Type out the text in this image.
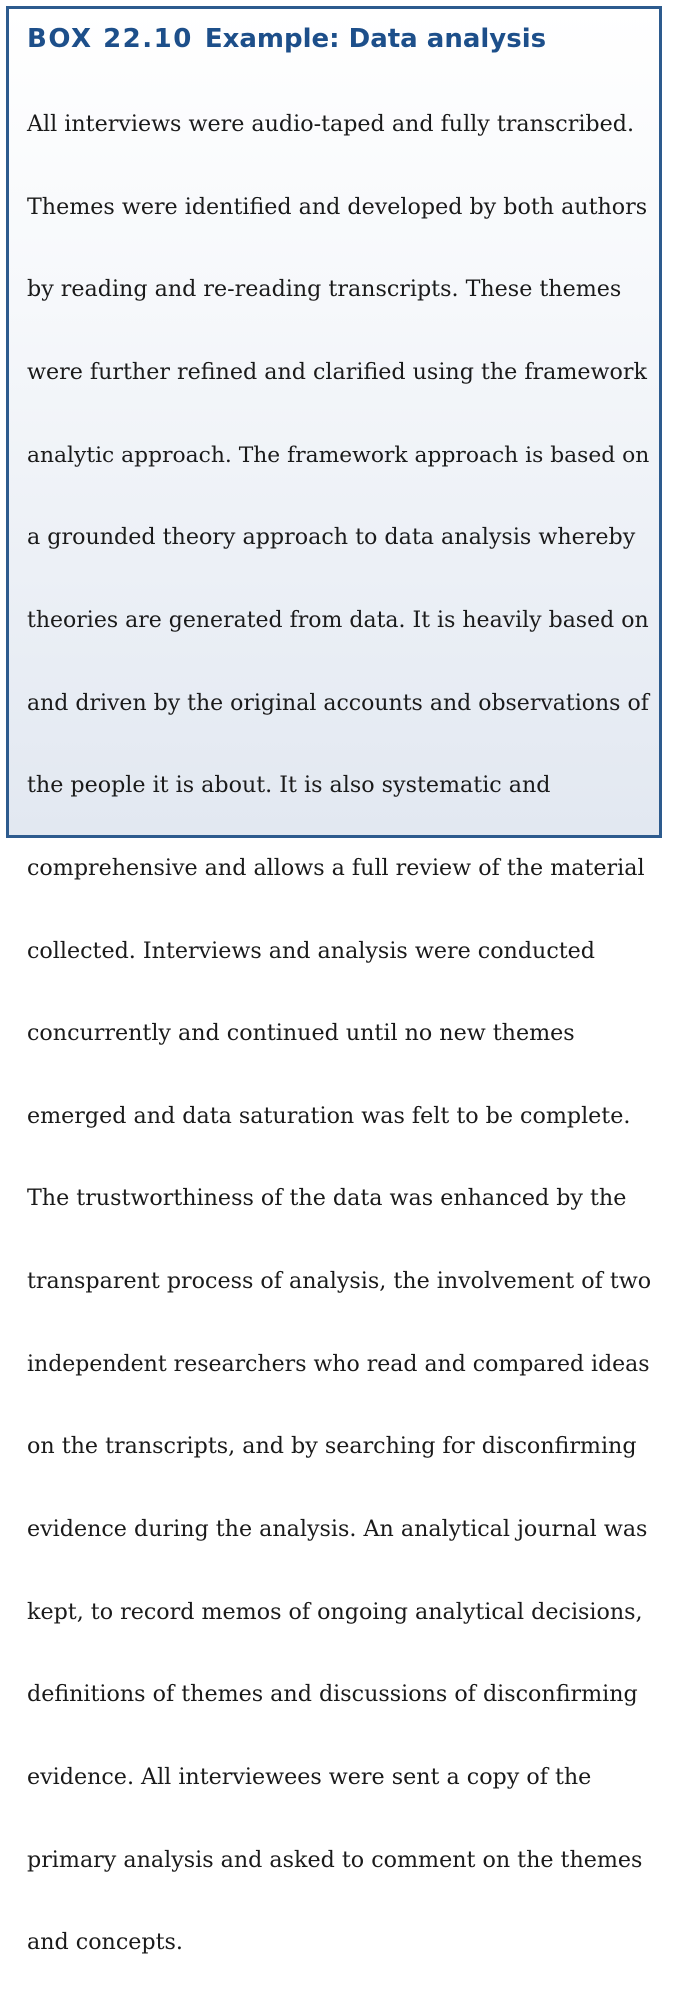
BOX 22.10 Example: Data analysis

All interviews were audio-taped and fully transcribed.

Themes were identified and developed by both authors

by reading and re-reading transcripts. These themes

were further refined and clarified using the framework

analytic approach. The framework approach is based on

a grounded theory approach to data analysis whereby

theories are generated from data. It is heavily based on

and driven by the original accounts and observations of

the people it is about. It is also systematic and

comprehensive and allows a full review of the material

collected. Interviews and analysis were conducted

concurrently and continued until no new themes

emerged and data saturation was felt to be complete.

The trustworthiness of the data was enhanced by the

transparent process of analysis, the involvement of two

independent researchers who read and compared ideas

on the transcripts, and by searching for disconfirming

evidence during the analysis. An analytical journal was

kept, to record memos of ongoing analytical decisions,

definitions of themes and discussions of disconfirming

evidence. All interviewees were sent a copy of the

primary analysis and asked to comment on the themes

and concepts.
